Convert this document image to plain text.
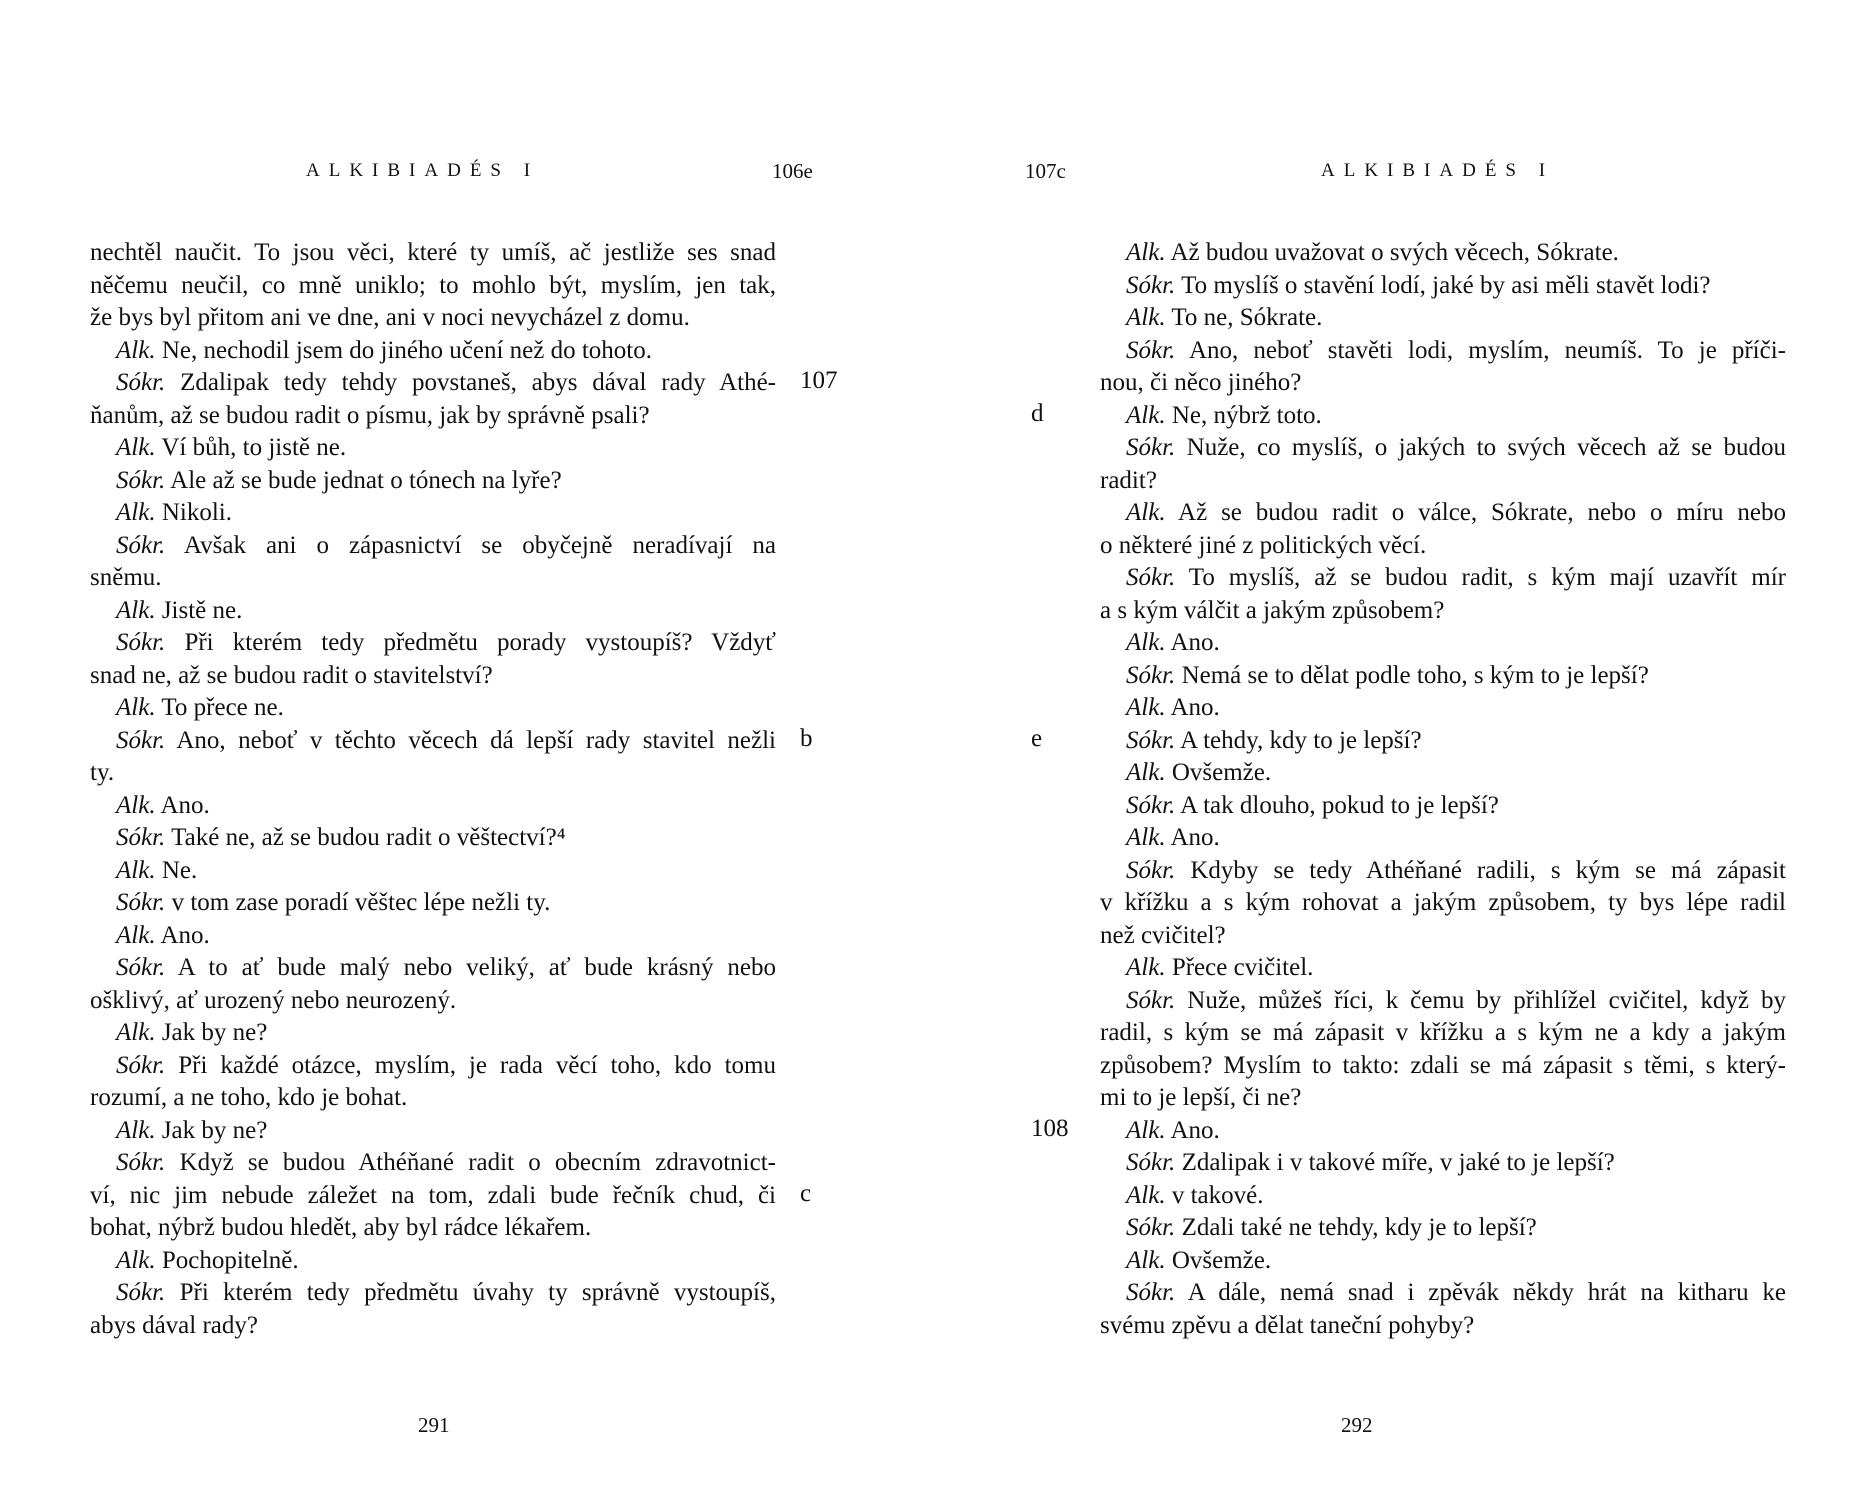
ALKIBIADÉS I	106e
nechtěl naučit. To jsou věci, které ty umíš, ač jestliže ses snad
něčemu neučil, co mně uniklo; to mohlo být, myslím, jen tak,
že bys byl přitom ani ve dne, ani v noci nevycházel z domu.
Alk. Ne, nechodil jsem do jiného učení než do tohoto.
Sókr. Zdalipak tedy tehdy povstaneš, abys dával rady Athé-
ňanům, až se budou radit o písmu, jak by správně psali?
Alk. Ví bůh, to jistě ne.
Sókr. Ale až se bude jednat o tónech na lyře?
Alk. Nikoli.
Sókr. Avšak ani o zápasnictví se obyčejně neradívají na
sněmu.
Alk. Jistě ne.
Sókr. Při kterém tedy předmětu porady vystoupíš? Vždyť
snad ne, až se budou radit o stavitelství?
Alk. To přece ne.
Sókr. Ano, neboť v těchto věcech dá lepší rady stavitel nežli
ty.
Alk. Ano.
Sókr. Také ne, až se budou radit o věštectví?⁴
Alk. Ne.
Sókr. v tom zase poradí věštec lépe nežli ty.
Alk. Ano.
Sókr. A to ať bude malý nebo veliký, ať bude krásný nebo
ošklivý, ať urozený nebo neurozený.
Alk. Jak by ne?
Sókr. Při každé otázce, myslím, je rada věcí toho, kdo tomu
rozumí, a ne toho, kdo je bohat.
Alk. Jak by ne?
Sókr. Když se budou Athéňané radit o obecním zdravotnict-
ví, nic jim nebude záležet na tom, zdali bude řečník chud, či
bohat, nýbrž budou hledět, aby byl rádce lékařem.
Alk. Pochopitelně.
Sókr. Při kterém tedy předmětu úvahy ty správně vystoupíš,
abys dával rady?
291
107
b
c
ALKIBIADÉS I
107c
Alk. Až budou uvažovat o svých věcech, Sókrate.
Sókr. To myslíš o stavění lodí, jaké by asi měli stavět lodi?
Alk. To ne, Sókrate.
Sókr. Ano, neboť stavěti lodi, myslím, neumíš. To je příči-
nou, či něco jiného?
Alk. Ne, nýbrž toto.
Sókr. Nuže, co myslíš, o jakých to svých věcech až se budou
radit?
Alk. Až se budou radit o válce, Sókrate, nebo o míru nebo
o některé jiné z politických věcí.
Sókr. To myslíš, až se budou radit, s kým mají uzavřít mír
a s kým válčit a jakým způsobem?
Alk. Ano.
Sókr. Nemá se to dělat podle toho, s kým to je lepší?
Alk. Ano.
Sókr. A tehdy, kdy to je lepší?
Alk. Ovšemže.
Sókr. A tak dlouho, pokud to je lepší?
Alk. Ano.
Sókr. Kdyby se tedy Athéňané radili, s kým se má zápasit
v křížku a s kým rohovat a jakým způsobem, ty bys lépe radil
než cvičitel?
Alk. Přece cvičitel.
Sókr. Nuže, můžeš říci, k čemu by přihlížel cvičitel, když by
radil, s kým se má zápasit v křížku a s kým ne a kdy a jakým
způsobem? Myslím to takto: zdali se má zápasit s těmi, s který-
mi to je lepší, či ne?
Alk. Ano.
Sókr. Zdalipak i v takové míře, v jaké to je lepší?
Alk. v takové.
Sókr. Zdali také ne tehdy, kdy je to lepší?
Alk. Ovšemže.
Sókr. A dále, nemá snad i zpěvák někdy hrát na kitharu ke
svému zpěvu a dělat taneční pohyby?
292
d
e
108
